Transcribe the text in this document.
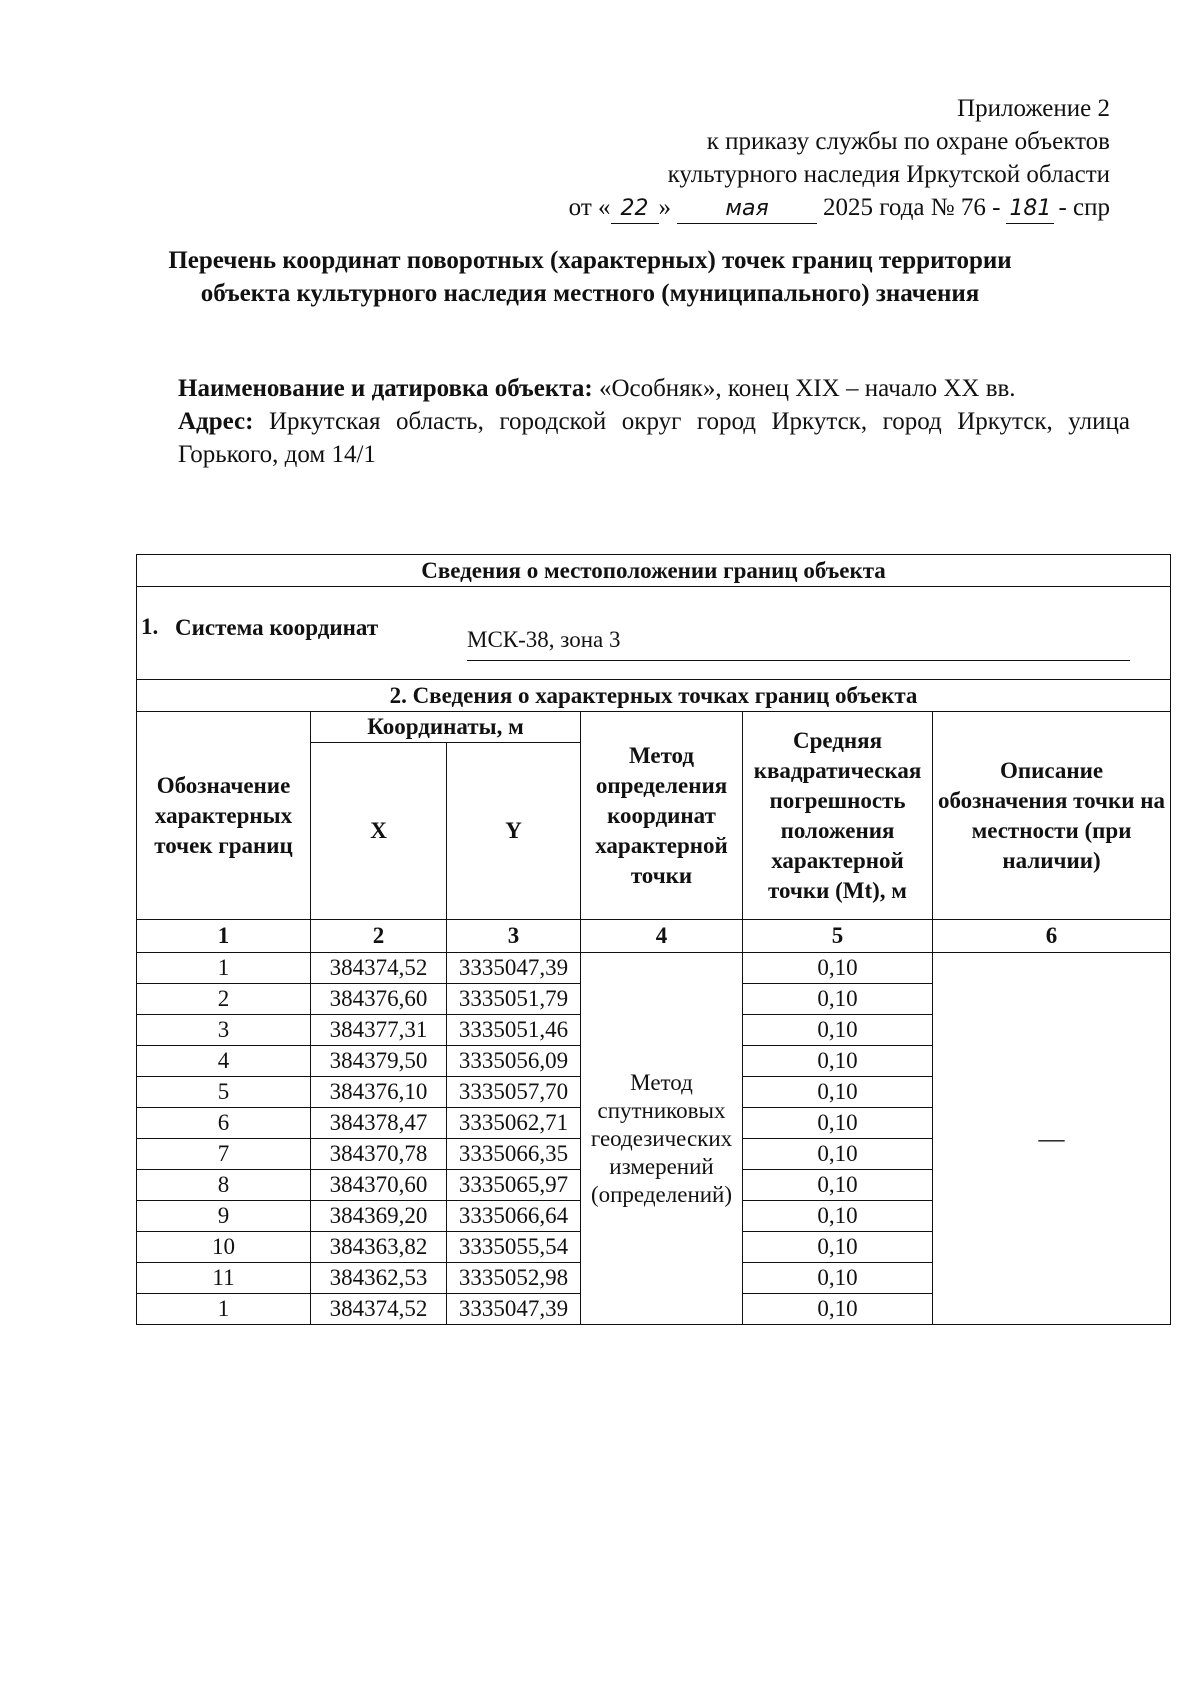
Приложение 2
к приказу службы по охране объектов
культурного наследия Иркутской области
от « 22 » мая 2025 года № 76 - 181 - спр
Перечень координат поворотных (характерных) точек границ территории объекта культурного наследия местного (муниципального) значения
Наименование и датировка объекта: «Особняк», конец XIX – начало XX вв.
Адрес: Иркутская область, городской округ город Иркутск, город Иркутск, улица Горького, дом 14/1
Сведения о местоположении границ объекта					

1. Система координат МСК-38, зона 3					

2. Сведения о характерных точках границ объекта					
Обозначение характерных точек границ	Координаты, м		Метод определения координат характерной точки	Средняя квадратическая погрешность положения характерной точки (Mt), м	Описание обозначения точки на местности (при наличии)
	X	Y			
1	2	3	4	5	6
1	384374,52	3335047,39	Метод спутниковых геодезических измерений (определений)	0,10	—
2	384376,60	3335051,79		0,10	
3	384377,31	3335051,46		0,10	
4	384379,50	3335056,09		0,10	
5	384376,10	3335057,70		0,10	
6	384378,47	3335062,71		0,10	
7	384370,78	3335066,35		0,10	
8	384370,60	3335065,97		0,10	
9	384369,20	3335066,64		0,10	
10	384363,82	3335055,54		0,10	
11	384362,53	3335052,98		0,10	
1	384374,52	3335047,39		0,10	
